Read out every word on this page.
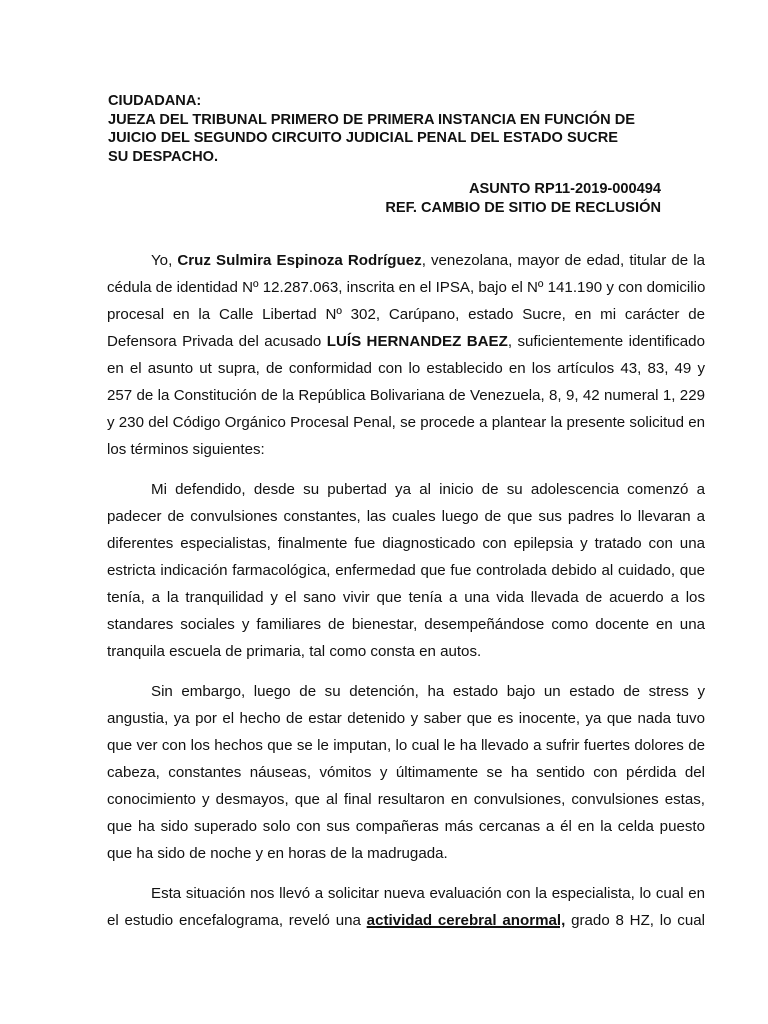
CIUDADANA:
JUEZA DEL TRIBUNAL PRIMERO DE PRIMERA INSTANCIA EN FUNCIÓN DE
JUICIO DEL SEGUNDO CIRCUITO JUDICIAL PENAL DEL ESTADO SUCRE
SU DESPACHO.
ASUNTO RP11-2019-000494
REF. CAMBIO DE SITIO DE RECLUSIÓN
Yo, Cruz Sulmira Espinoza Rodríguez, venezolana, mayor de edad, titular de la
cédula de identidad Nº 12.287.063, inscrita en el IPSA, bajo el Nº 141.190 y con domicilio
procesal en la Calle Libertad Nº 302, Carúpano, estado Sucre, en mi carácter de
Defensora Privada del acusado LUÍS HERNANDEZ BAEZ, suficientemente identificado
en el asunto ut supra, de conformidad con lo establecido en los artículos 43, 83, 49 y
257 de la Constitución de la República Bolivariana de Venezuela, 8, 9, 42 numeral 1, 229
y 230 del Código Orgánico Procesal Penal, se procede a plantear la presente solicitud en
los términos siguientes:
Mi defendido, desde su pubertad ya al inicio de su adolescencia comenzó a
padecer de convulsiones constantes, las cuales luego de que sus padres lo llevaran a
diferentes especialistas, finalmente fue diagnosticado con epilepsia y tratado con una
estricta indicación farmacológica, enfermedad que fue controlada debido al cuidado, que
tenía, a la tranquilidad y el sano vivir que tenía a una vida llevada de acuerdo a los
standares sociales y familiares de bienestar, desempeñándose como docente en una
tranquila escuela de primaria, tal como consta en autos.
Sin embargo, luego de su detención, ha estado bajo un estado de stress y
angustia, ya por el hecho de estar detenido y saber que es inocente, ya que nada tuvo
que ver con los hechos que se le imputan, lo cual le ha llevado a sufrir fuertes dolores de
cabeza, constantes náuseas, vómitos y últimamente se ha sentido con pérdida del
conocimiento y desmayos, que al final resultaron en convulsiones, convulsiones estas,
que ha sido superado solo con sus compañeras más cercanas a él en la celda puesto
que ha sido de noche y en horas de la madrugada.
Esta situación nos llevó a solicitar nueva evaluación con la especialista, lo cual en
el estudio encefalograma, reveló una actividad cerebral anormal, grado 8 HZ, lo cual
